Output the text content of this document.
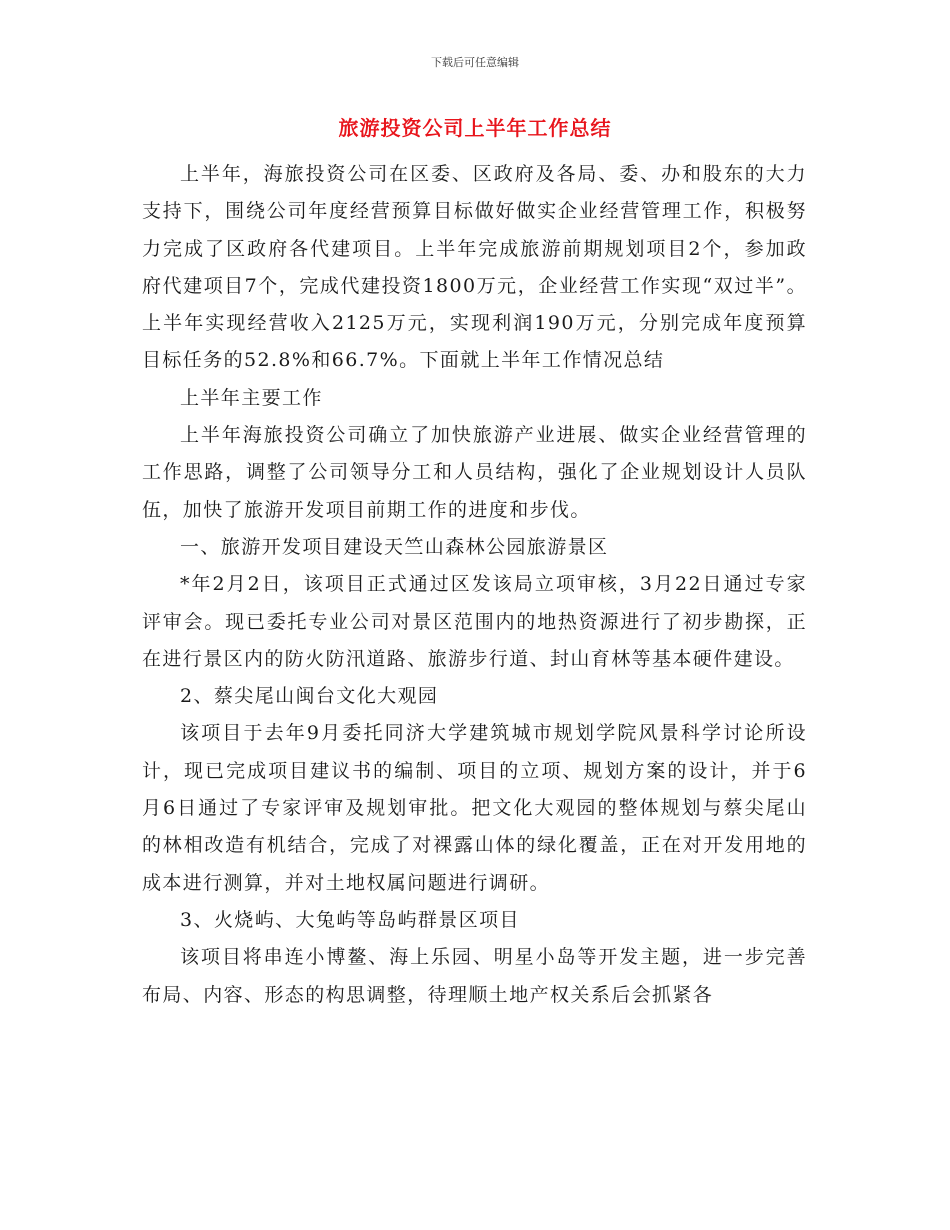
下载后可任意编辑
旅游投资公司上半年工作总结

上半年，海旅投资公司在区委、区政府及各局、委、办和股东的大力支持下，围绕公司年度经营预算目标做好做实企业经营管理工作，积极努力完成了区政府各代建项目。上半年完成旅游前期规划项目2个，参加政府代建项目7个，完成代建投资1800万元，企业经营工作实现“双过半”。上半年实现经营收入2125万元，实现利润190万元，分别完成年度预算目标任务的52.8%和66.7%。下面就上半年工作情况总结

上半年主要工作

上半年海旅投资公司确立了加快旅游产业进展、做实企业经营管理的工作思路，调整了公司领导分工和人员结构，强化了企业规划设计人员队伍，加快了旅游开发项目前期工作的进度和步伐。

一、旅游开发项目建设天竺山森林公园旅游景区

*年2月2日，该项目正式通过区发该局立项审核，3月22日通过专家评审会。现已委托专业公司对景区范围内的地热资源进行了初步勘探，正在进行景区内的防火防汛道路、旅游步行道、封山育林等基本硬件建设。

2、蔡尖尾山闽台文化大观园

该项目于去年9月委托同济大学建筑城市规划学院风景科学讨论所设计，现已完成项目建议书的编制、项目的立项、规划方案的设计，并于6月6日通过了专家评审及规划审批。把文化大观园的整体规划与蔡尖尾山的林相改造有机结合，完成了对裸露山体的绿化覆盖，正在对开发用地的成本进行测算，并对土地权属问题进行调研。

3、火烧屿、大兔屿等岛屿群景区项目

该项目将串连小博鳌、海上乐园、明星小岛等开发主题，进一步完善布局、内容、形态的构思调整，待理顺土地产权关系后会抓紧各
